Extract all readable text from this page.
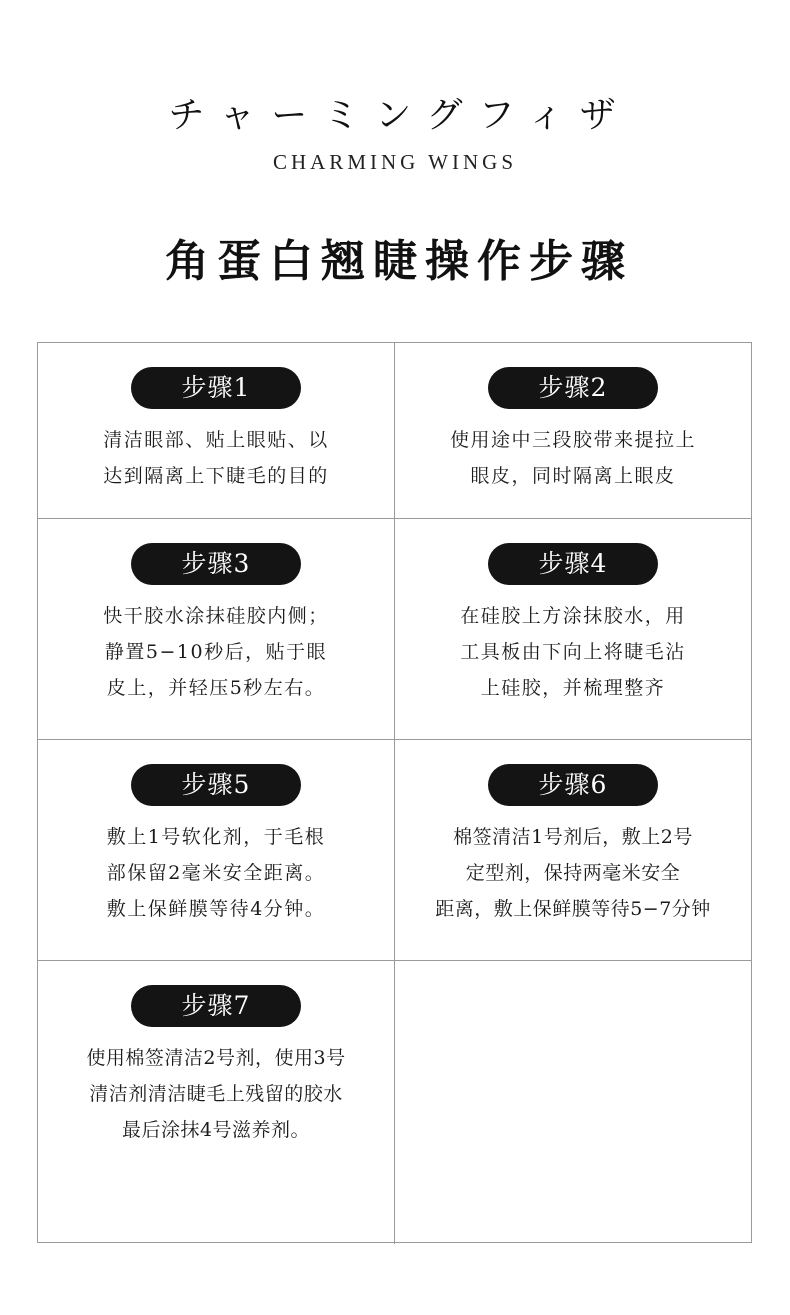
チャーミングフィザ
CHARMING WINGS
角蛋白翘睫操作步骤
步骤1
清洁眼部、贴上眼贴、以
达到隔离上下睫毛的目的
步骤2
使用途中三段胶带来提拉上
眼皮，同时隔离上眼皮
步骤3
快干胶水涂抹硅胶内侧；
静置5−10秒后，贴于眼
皮上，并轻压5秒左右。
步骤4
在硅胶上方涂抹胶水，用
工具板由下向上将睫毛沾
上硅胶，并梳理整齐
步骤5
敷上1号软化剂，于毛根
部保留2毫米安全距离。
敷上保鲜膜等待4分钟。
步骤6
棉签清洁1号剂后，敷上2号
定型剂，保持两毫米安全
距离，敷上保鲜膜等待5−7分钟
步骤7
使用棉签清洁2号剂，使用3号
清洁剂清洁睫毛上残留的胶水
最后涂抹4号滋养剂。
